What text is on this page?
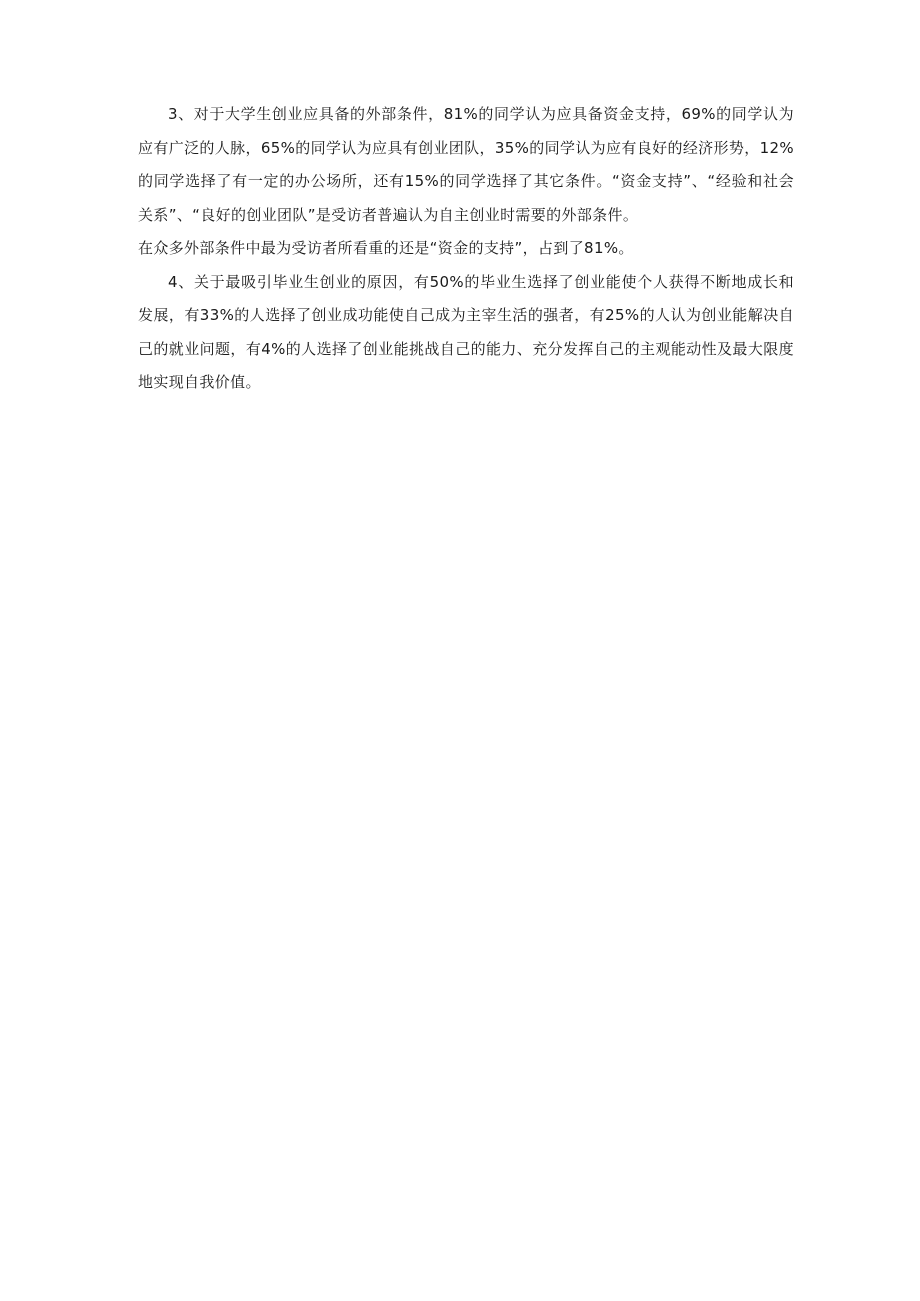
3、对于大学生创业应具备的外部条件，81%的同学认为应具备资金支持，69%的同学认为应有广泛的人脉，65%的同学认为应具有创业团队，35%的同学认为应有良好的经济形势，12%的同学选择了有一定的办公场所，还有15%的同学选择了其它条件。“资金支持”、“经验和社会关系”、“良好的创业团队”是受访者普遍认为自主创业时需要的外部条件。

在众多外部条件中最为受访者所看重的还是“资金的支持”，占到了81%。

4、关于最吸引毕业生创业的原因，有50%的毕业生选择了创业能使个人获得不断地成长和发展，有33%的人选择了创业成功能使自己成为主宰生活的强者，有25%的人认为创业能解决自己的就业问题，有4%的人选择了创业能挑战自己的能力、充分发挥自己的主观能动性及最大限度地实现自我价值。
